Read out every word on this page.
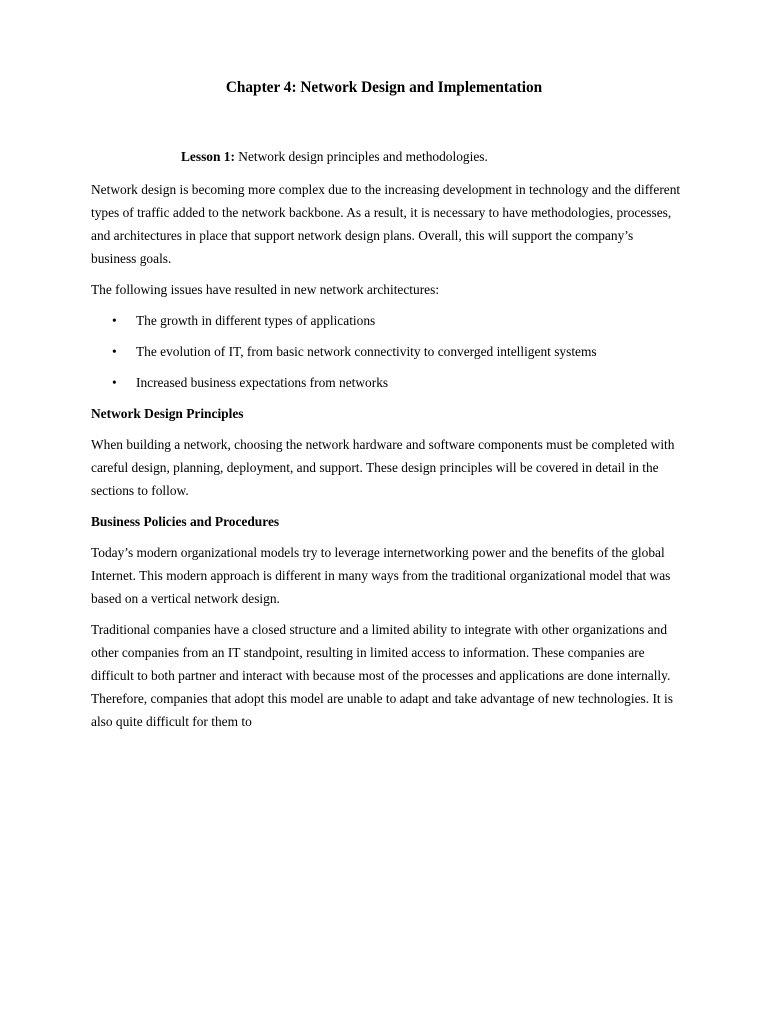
Chapter 4: Network Design and Implementation

Lesson 1: Network design principles and methodologies.

Network design is becoming more complex due to the increasing development in technology and the different types of traffic added to the network backbone. As a result, it is necessary to have methodologies, processes, and architectures in place that support network design plans. Overall, this will support the company’s business goals.

The following issues have resulted in new network architectures:

• The growth in different types of applications
• The evolution of IT, from basic network connectivity to converged intelligent systems
• Increased business expectations from networks

Network Design Principles

When building a network, choosing the network hardware and software components must be completed with careful design, planning, deployment, and support. These design principles will be covered in detail in the sections to follow.

Business Policies and Procedures

Today’s modern organizational models try to leverage internetworking power and the benefits of the global Internet. This modern approach is different in many ways from the traditional organizational model that was based on a vertical network design.

Traditional companies have a closed structure and a limited ability to integrate with other organizations and other companies from an IT standpoint, resulting in limited access to information. These companies are difficult to both partner and interact with because most of the processes and applications are done internally. Therefore, companies that adopt this model are unable to adapt and take advantage of new technologies. It is also quite difficult for them to
